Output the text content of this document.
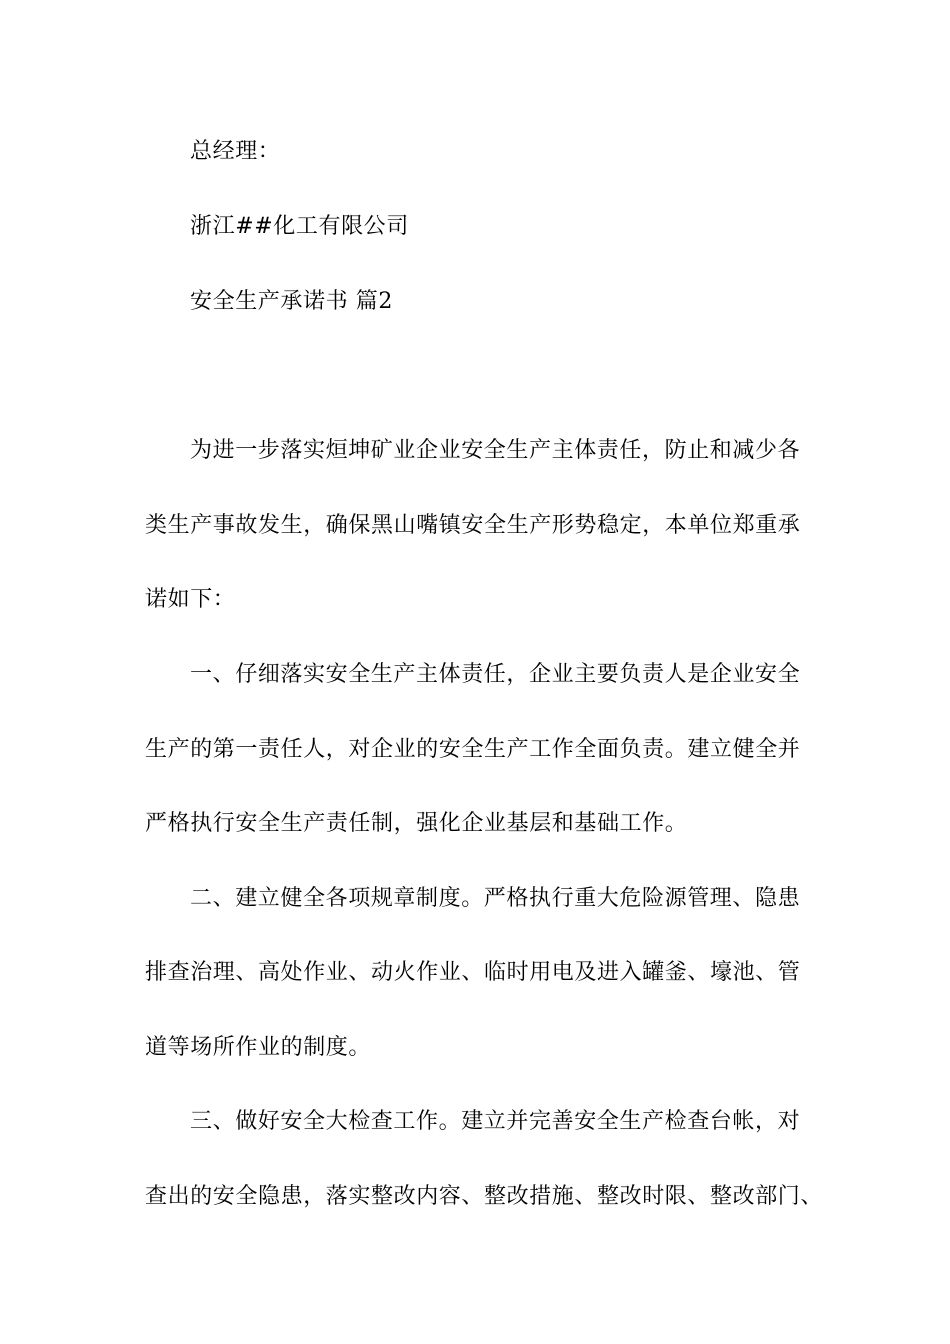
总经理：
浙江##化工有限公司
安全生产承诺书 篇2
为进一步落实烜坤矿业企业安全生产主体责任，防止和减少各
类生产事故发生，确保黑山嘴镇安全生产形势稳定，本单位郑重承
诺如下：
一、仔细落实安全生产主体责任，企业主要负责人是企业安全
生产的第一责任人，对企业的安全生产工作全面负责。建立健全并
严格执行安全生产责任制，强化企业基层和基础工作。
二、建立健全各项规章制度。严格执行重大危险源管理、隐患
排查治理、高处作业、动火作业、临时用电及进入罐釜、壕池、管
道等场所作业的制度。
三、做好安全大检查工作。建立并完善安全生产检查台帐，对
查出的安全隐患，落实整改内容、整改措施、整改时限、整改部门、
